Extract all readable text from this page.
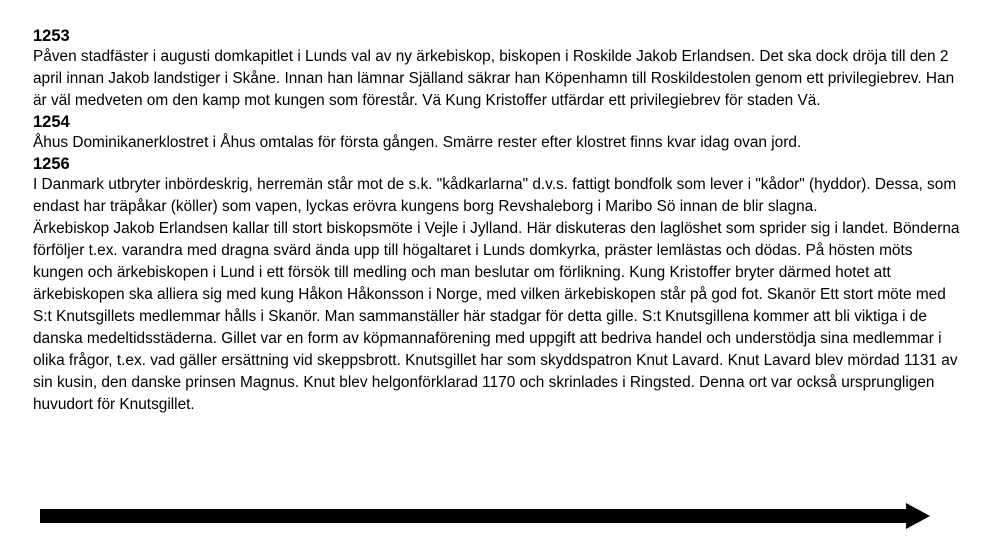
1253

Påven stadfäster i augusti domkapitlet i Lunds val av ny ärkebiskop, biskopen i Roskilde Jakob Erlandsen. Det ska dock dröja till den 2 april innan Jakob landstiger i Skåne. Innan han lämnar Själland säkrar han Köpenhamn till Roskildestolen genom ett privilegiebrev. Han är väl medveten om den kamp mot kungen som förestår. Vä Kung Kristoffer utfärdar ett privilegiebrev för staden Vä.

1254

Åhus Dominikanerklostret i Åhus omtalas för första gången. Smärre rester efter klostret finns kvar idag ovan jord.

1256

I Danmark utbryter inbördeskrig, herremän står mot de s.k. "kådkarlarna" d.v.s. fattigt bondfolk som lever i "kådor" (hyddor). Dessa, som endast har träpåkar (köller) som vapen, lyckas erövra kungens borg Revshaleborg i Maribo Sö innan de blir slagna.

Ärkebiskop Jakob Erlandsen kallar till stort biskopsmöte i Vejle i Jylland. Här diskuteras den laglöshet som sprider sig i landet. Bönderna förföljer t.ex. varandra med dragna svärd ända upp till högaltaret i Lunds domkyrka, präster lemlästas och dödas. På hösten möts kungen och ärkebiskopen i Lund i ett försök till medling och man beslutar om förlikning. Kung Kristoffer bryter därmed hotet att ärkebiskopen ska alliera sig med kung Håkon Håkonsson i Norge, med vilken ärkebiskopen står på god fot. Skanör Ett stort möte med S:t Knutsgillets medlemmar hålls i Skanör. Man sammanställer här stadgar för detta gille. S:t Knutsgillena kommer att bli viktiga i de danska medeltidsstäderna. Gillet var en form av köpmannaförening med uppgift att bedriva handel och understödja sina medlemmar i olika frågor, t.ex. vad gäller ersättning vid skeppsbrott. Knutsgillet har som skyddspatron Knut Lavard. Knut Lavard blev mördad 1131 av sin kusin, den danske prinsen Magnus. Knut blev helgonförklarad 1170 och skrinlades i Ringsted. Denna ort var också ursprungligen huvudort för Knutsgillet.
